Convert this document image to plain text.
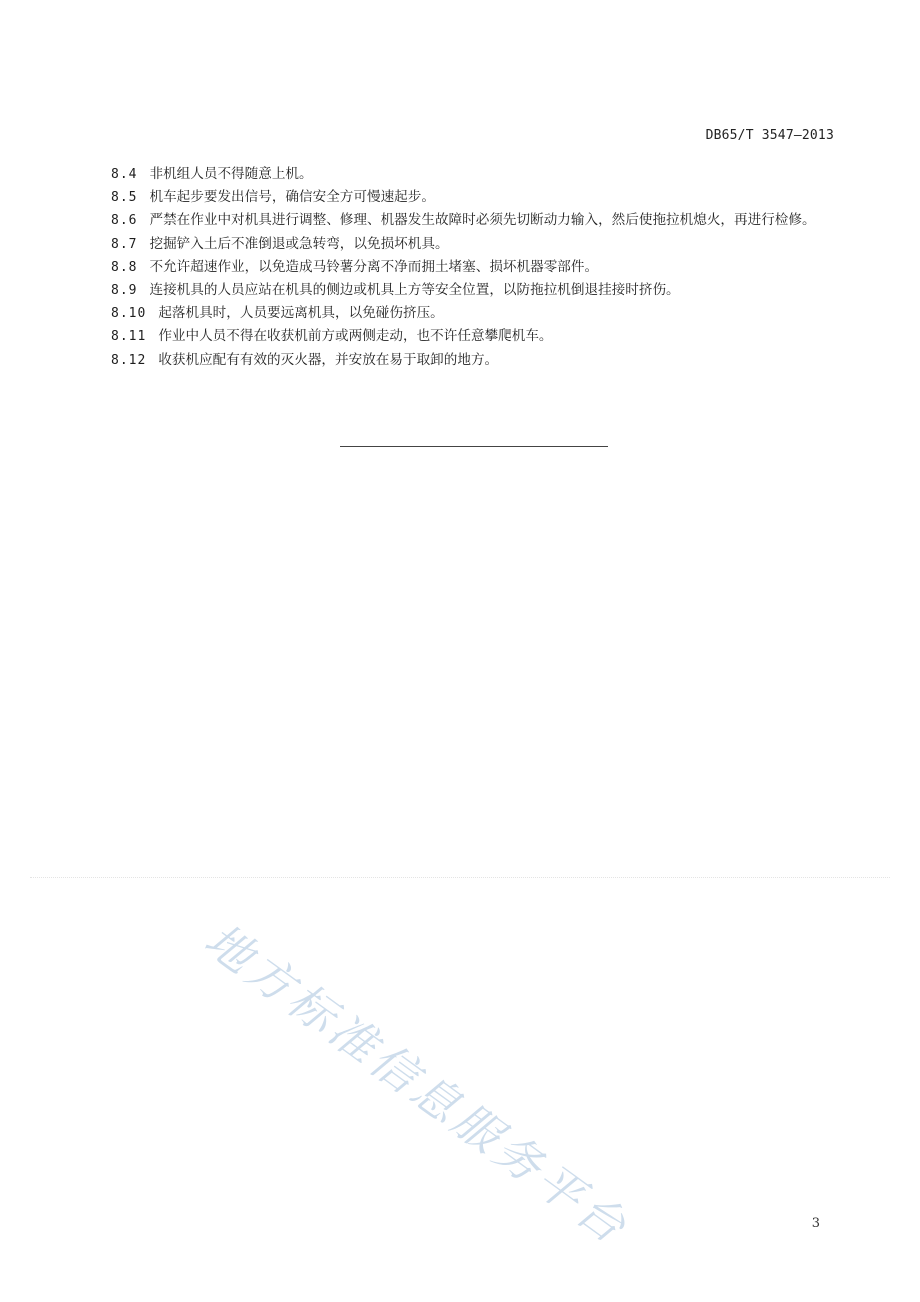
DB65/T 3547—2013

8.4 非机组人员不得随意上机。

8.5 机车起步要发出信号，确信安全方可慢速起步。

8.6 严禁在作业中对机具进行调整、修理、机器发生故障时必须先切断动力输入，然后使拖拉机熄火，再进行检修。

8.7 挖掘铲入土后不准倒退或急转弯，以免损坏机具。

8.8 不允许超速作业，以免造成马铃薯分离不净而拥土堵塞、损坏机器零部件。

8.9 连接机具的人员应站在机具的侧边或机具上方等安全位置，以防拖拉机倒退挂接时挤伤。

8.10 起落机具时，人员要远离机具，以免碰伤挤压。

8.11 作业中人员不得在收获机前方或两侧走动，也不许任意攀爬机车。

8.12 收获机应配有有效的灭火器，并安放在易于取卸的地方。

地方标准信息服务平台	3
